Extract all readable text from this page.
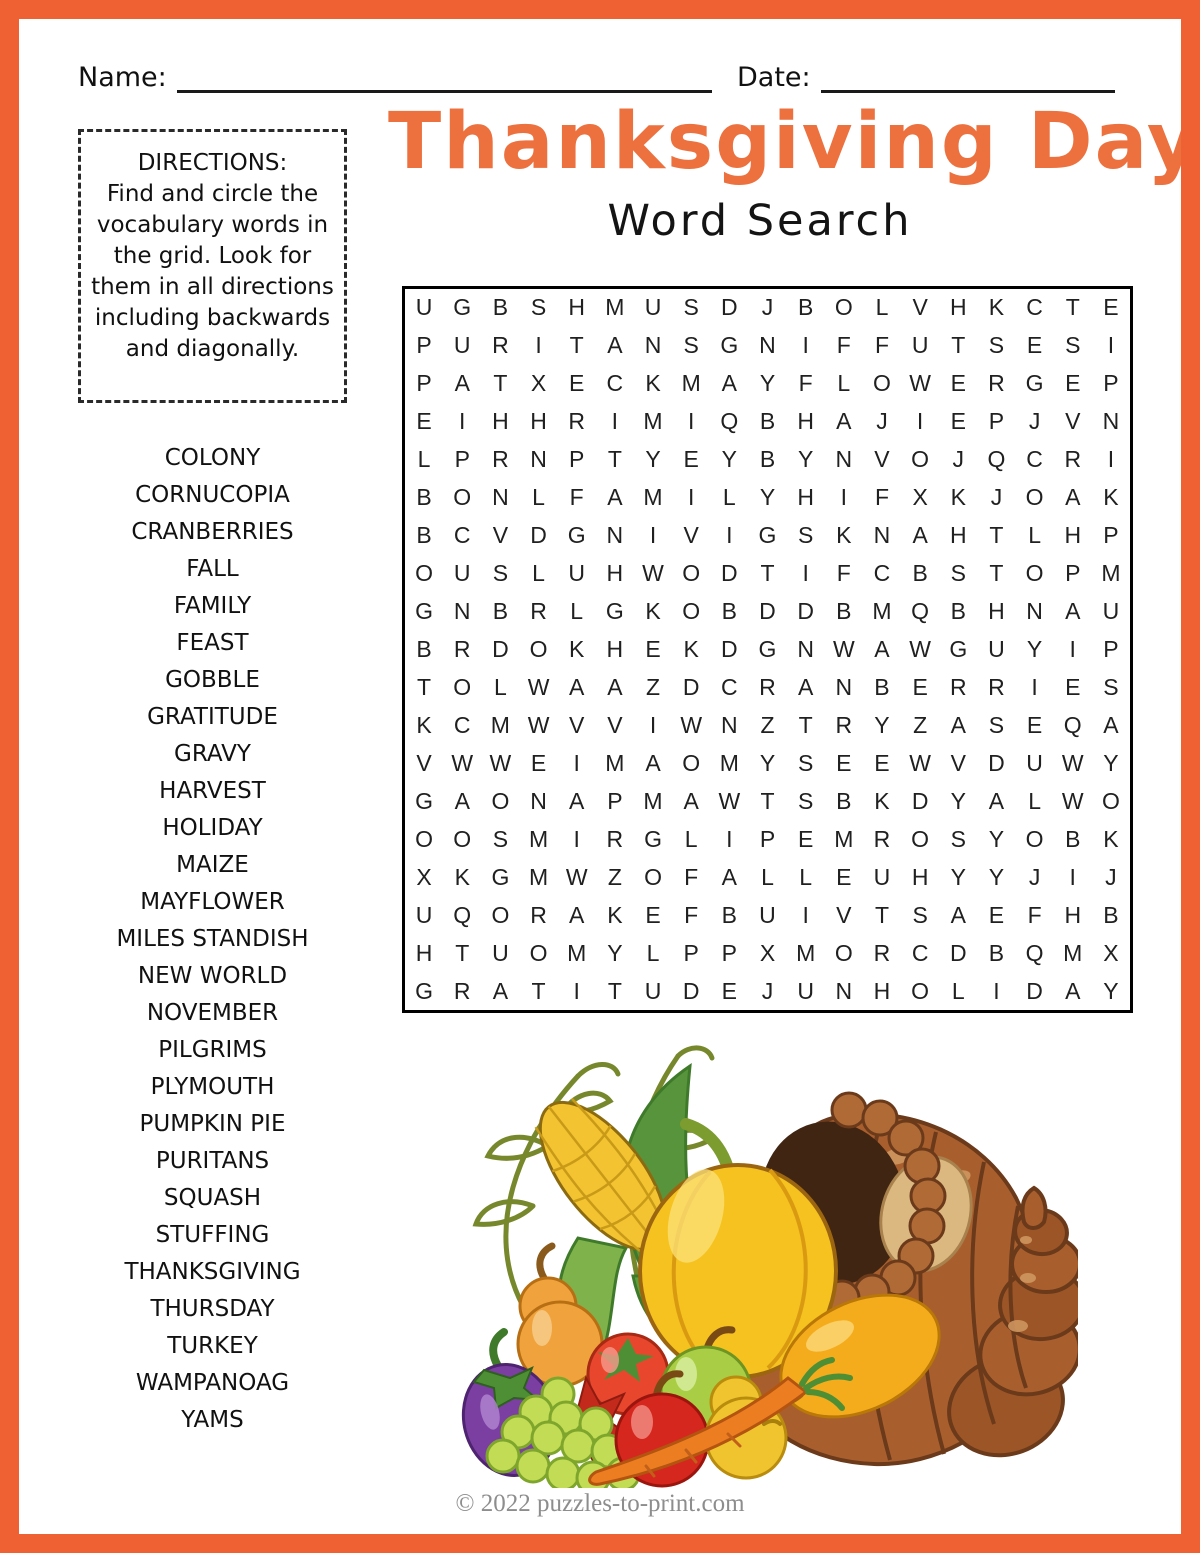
Name:	Date:
Thanksgiving Day
Word Search
DIRECTIONS:
Find and circle the vocabulary words in the grid. Look for them in all directions including backwards and diagonally.
COLONY
CORNUCOPIA
CRANBERRIES
FALL
FAMILY
FEAST
GOBBLE
GRATITUDE
GRAVY
HARVEST
HOLIDAY
MAIZE
MAYFLOWER
MILES STANDISH
NEW WORLD
NOVEMBER
PILGRIMS
PLYMOUTH
PUMPKIN PIE
PURITANS
SQUASH
STUFFING
THANKSGIVING
THURSDAY
TURKEY
WAMPANOAG
YAMS
U G B S H M U S D	J	B O L	V H K C T	E
P U R	I	T	A N S G N	I	F	F U T	S E S	I
P A	T	X E C K M A Y	F	L O W E R G E P
E	I	H H R	I	M	I	Q B H A	J	I	E P	J	V N
L	P R N P	T	Y E Y B Y N V O	J	Q C R	I
B O N	L	F	A M	I	L	Y H	I	F	X K	J	O A K
B C V D G N	I	V	I	G S K N A H T	L	H P
O U S	L	U H W O D T	I	F C B S	T O P M
G N B R	L G K O B D D B M Q B H N A U
B R D O K H E K D G N W A W G U Y	I	P
T O L W A A	Z D C R A N B E R R	I	E S
K C M W V V	I	W N Z	T R Y	Z	A S E Q A
V W W E	I	M A O M Y S E E W V D U W Y
G A O N A P M A W T	S B K D Y A	L W O
O O S M	I	R G L	I	P E M R O S Y O B K
X K G M W Z O F	A	L	L	E U H Y Y	J	I	J
U Q O R A K E	F	B U	I	V	T	S A E	F H B
H T U O M Y	L	P P X M O R C D B Q M X
G R A	T	I	T U D E	J	U N H O L	I	D A Y
© 2022 puzzles-to-print.com
